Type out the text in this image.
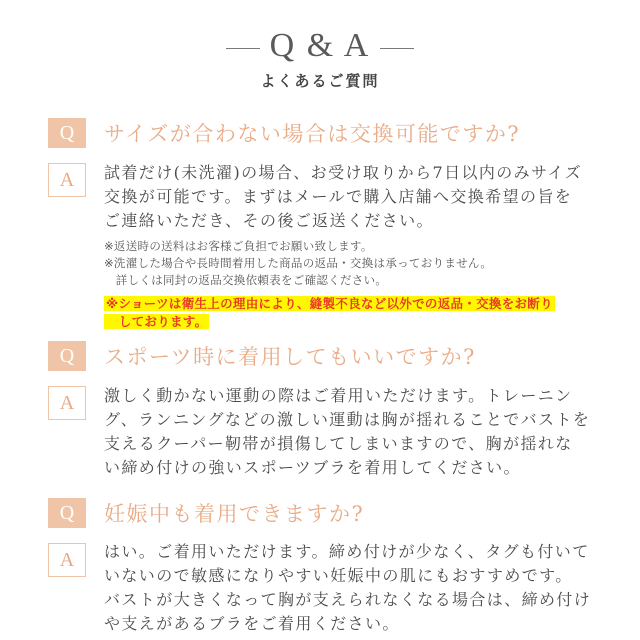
Q & A
よくあるご質問
Q	サイズが合わない場合は交換可能ですか?
A	試着だけ(未洗濯)の場合、お受け取りから7日以内のみサイズ
交換が可能です。まずはメールで購入店舗へ交換希望の旨を
ご連絡いただき、その後ご返送ください。
※返送時の送料はお客様ご負担でお願い致します。
※洗濯した場合や長時間着用した商品の返品・交換は承っておりません。
　詳しくは同封の返品交換依頼表をご確認ください。
※ショーツは衛生上の理由により、縫製不良など以外での返品・交換をお断り
　しております。
Q	スポーツ時に着用してもいいですか?
A	激しく動かない運動の際はご着用いただけます。トレーニン
グ、ランニングなどの激しい運動は胸が揺れることでバストを
支えるクーパー靭帯が損傷してしまいますので、胸が揺れな
い締め付けの強いスポーツブラを着用してください。
Q	妊娠中も着用できますか?
A	はい。ご着用いただけます。締め付けが少なく、タグも付いて
いないので敏感になりやすい妊娠中の肌にもおすすめです。
バストが大きくなって胸が支えられなくなる場合は、締め付け
や支えがあるブラをご着用ください。
